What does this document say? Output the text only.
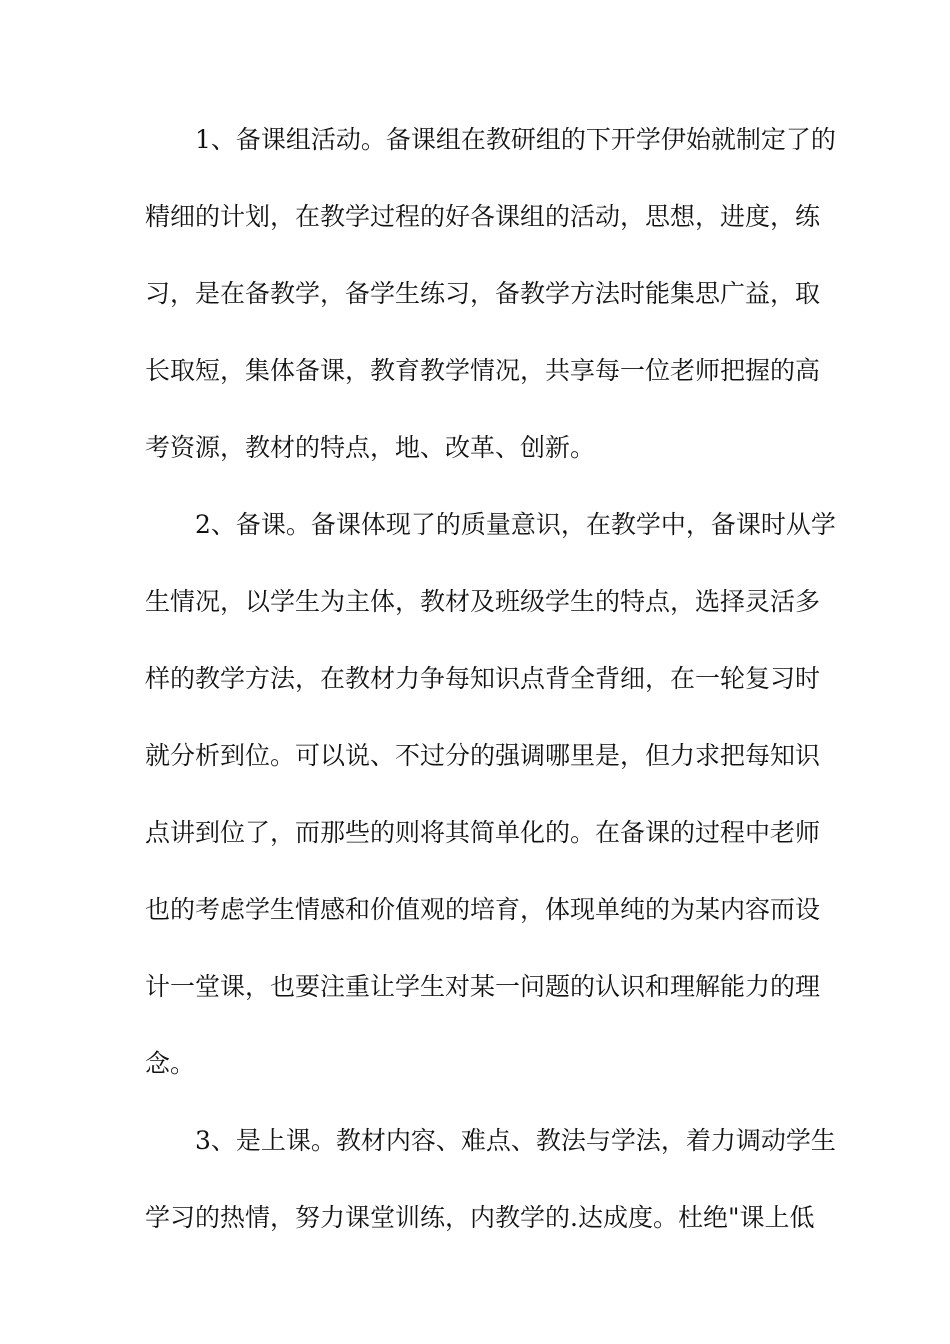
1、备课组活动。备课组在教研组的下开学伊始就制定了的
精细的计划，在教学过程的好各课组的活动，思想，进度，练
习，是在备教学，备学生练习，备教学方法时能集思广益，取
长取短，集体备课，教育教学情况，共享每一位老师把握的高
考资源，教材的特点，地、改革、创新。
2、备课。备课体现了的质量意识，在教学中，备课时从学
生情况，以学生为主体，教材及班级学生的特点，选择灵活多
样的教学方法，在教材力争每知识点背全背细，在一轮复习时
就分析到位。可以说、不过分的强调哪里是，但力求把每知识
点讲到位了，而那些的则将其简单化的。在备课的过程中老师
也的考虑学生情感和价值观的培育，体现单纯的为某内容而设
计一堂课，也要注重让学生对某一问题的认识和理解能力的理
念。
3、是上课。教材内容、难点、教法与学法，着力调动学生
学习的热情，努力课堂训练，内教学的.达成度。杜绝"课上低
